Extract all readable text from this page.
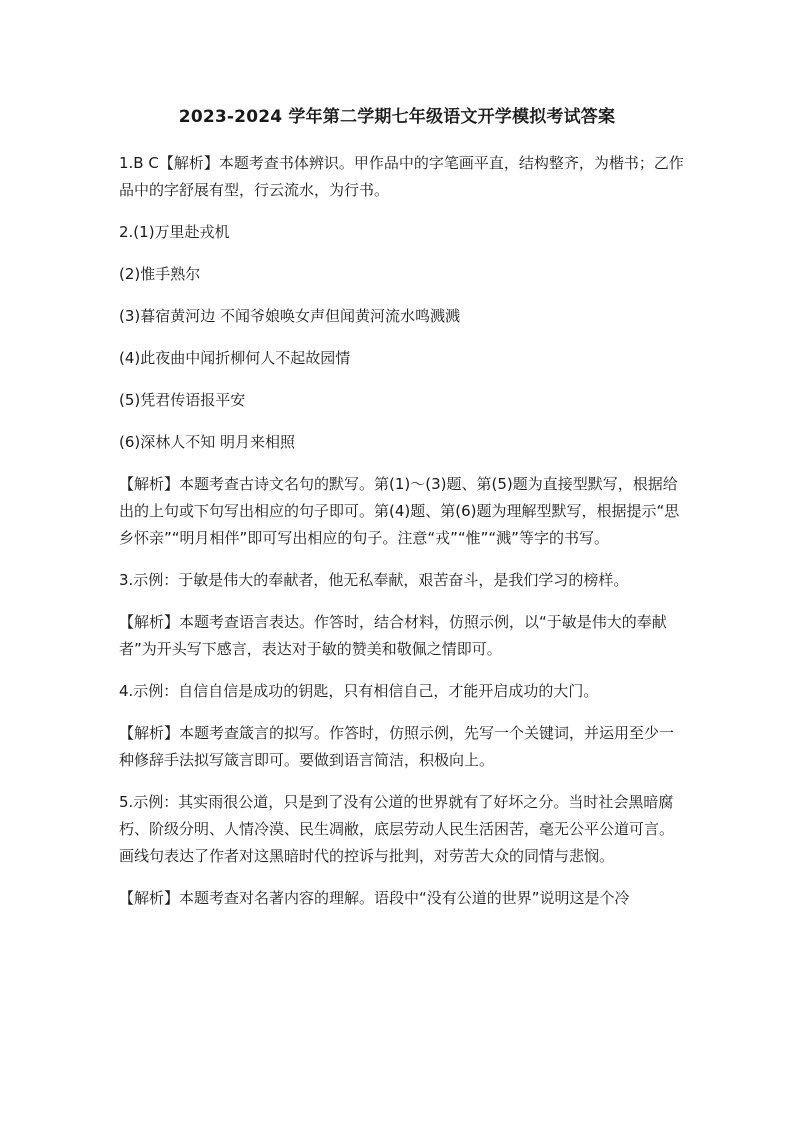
2023-2024 学年第二学期七年级语文开学模拟考试答案

1.B C【解析】本题考查书体辨识。甲作品中的字笔画平直，结构整齐，为楷书；乙作品中的字舒展有型，行云流水，为行书。

2.(1)万里赴戎机

(2)惟手熟尔

(3)暮宿黄河边 不闻爷娘唤女声但闻黄河流水鸣溅溅

(4)此夜曲中闻折柳何人不起故园情

(5)凭君传语报平安

(6)深林人不知 明月来相照

【解析】本题考查古诗文名句的默写。第(1)～(3)题、第(5)题为直接型默写，根据给出的上句或下句写出相应的句子即可。第(4)题、第(6)题为理解型默写，根据提示“思乡怀亲”“明月相伴”即可写出相应的句子。注意“戎”“惟”“溅”等字的书写。

3.示例：于敏是伟大的奉献者，他无私奉献，艰苦奋斗，是我们学习的榜样。

【解析】本题考查语言表达。作答时，结合材料，仿照示例，以“于敏是伟大的奉献者”为开头写下感言，表达对于敏的赞美和敬佩之情即可。

4.示例：自信自信是成功的钥匙，只有相信自己，才能开启成功的大门。

【解析】本题考查箴言的拟写。作答时，仿照示例，先写一个关键词，并运用至少一种修辞手法拟写箴言即可。要做到语言简洁，积极向上。

5.示例：其实雨很公道，只是到了没有公道的世界就有了好坏之分。当时社会黑暗腐朽、阶级分明、人情冷漠、民生凋敝，底层劳动人民生活困苦，毫无公平公道可言。画线句表达了作者对这黑暗时代的控诉与批判，对劳苦大众的同情与悲悯。

【解析】本题考查对名著内容的理解。语段中“没有公道的世界”说明这是个冷
